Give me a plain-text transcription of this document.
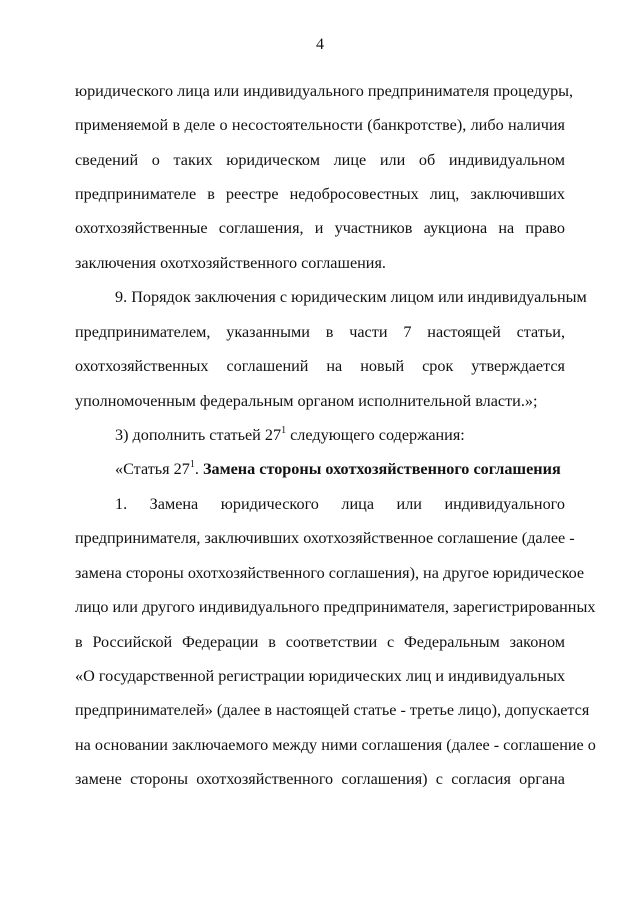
4
юридического лица или индивидуального предпринимателя процедуры,
применяемой в деле о несостоятельности (банкротстве), либо наличия
сведений о таких юридическом лице или об индивидуальном
предпринимателе в реестре недобросовестных лиц, заключивших
охотхозяйственные соглашения, и участников аукциона на право
заключения охотхозяйственного соглашения.
9. Порядок заключения с юридическим лицом или индивидуальным
предпринимателем, указанными в части 7 настоящей статьи,
охотхозяйственных соглашений на новый срок утверждается
уполномоченным федеральным органом исполнительной власти.»;
3) дополнить статьей $27^1$ следующего содержания:
«Статья $27^1$. Замена стороны охотхозяйственного соглашения
1. Замена юридического лица или индивидуального
предпринимателя, заключивших охотхозяйственное соглашение (далее -
замена стороны охотхозяйственного соглашения), на другое юридическое
лицо или другого индивидуального предпринимателя, зарегистрированных
в Российской Федерации в соответствии с Федеральным законом
«О государственной регистрации юридических лиц и индивидуальных
предпринимателей» (далее в настоящей статье - третье лицо), допускается
на основании заключаемого между ними соглашения (далее - соглашение о
замене стороны охотхозяйственного соглашения) с согласия органа
